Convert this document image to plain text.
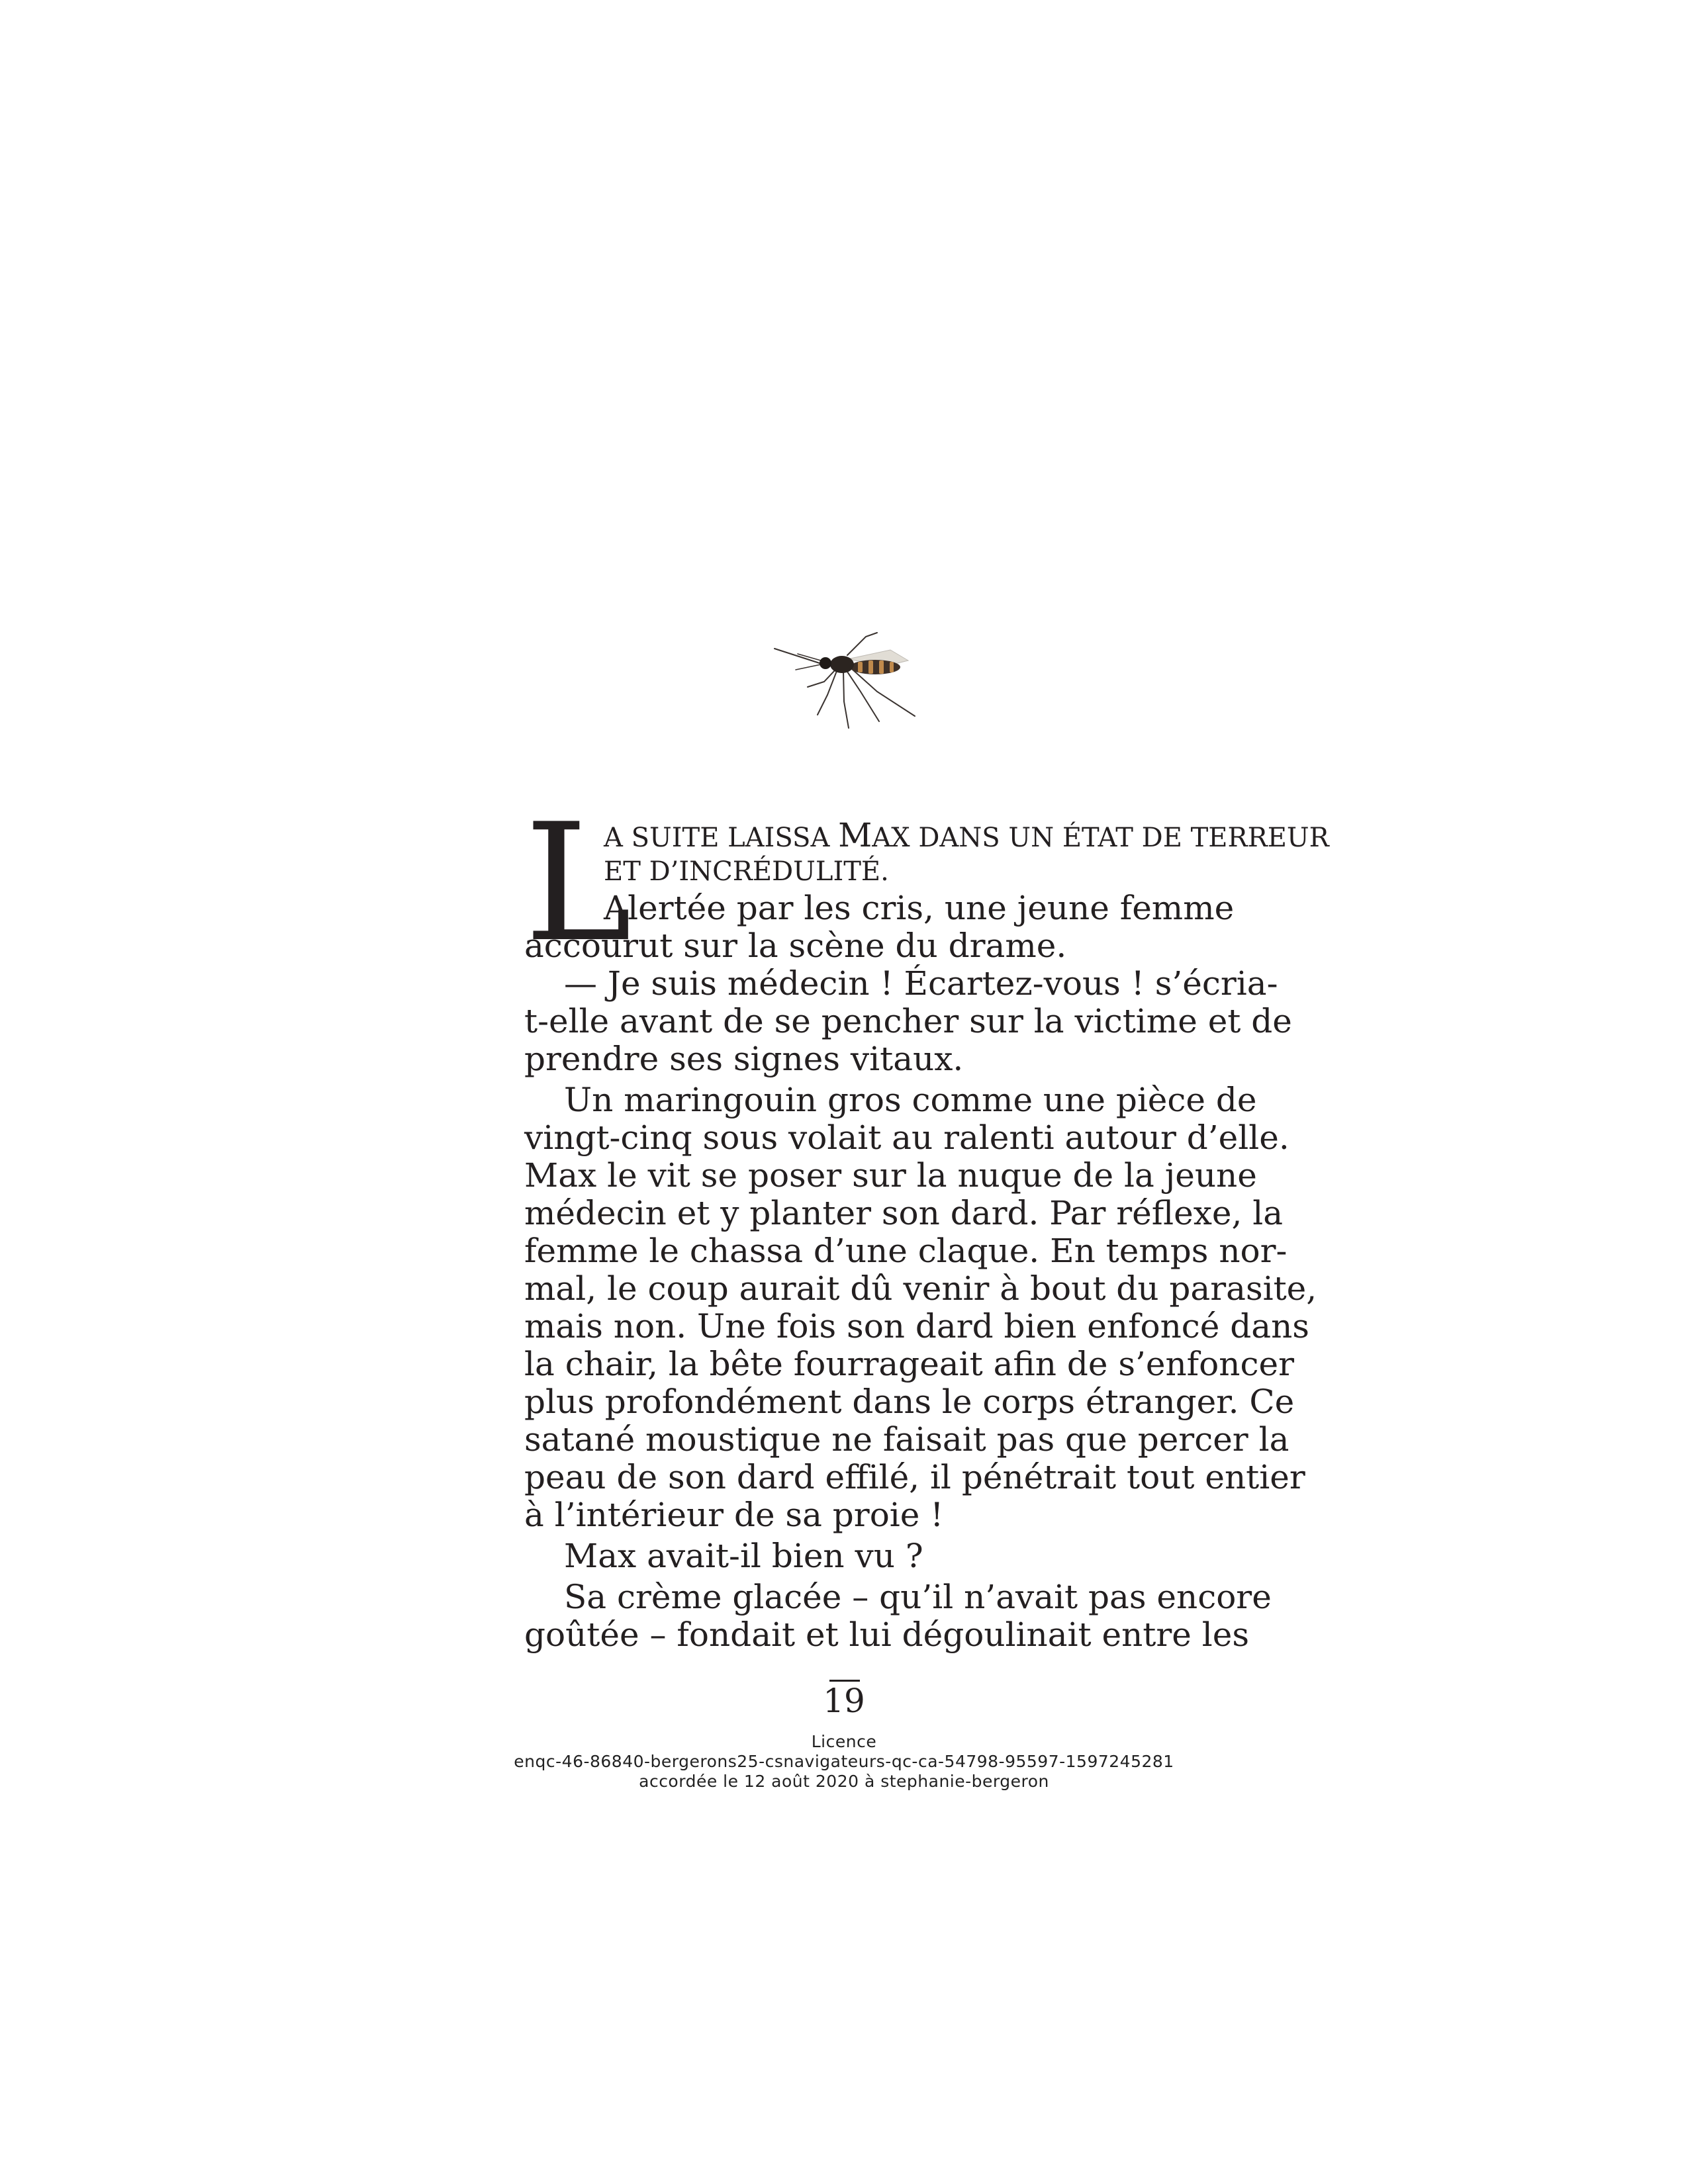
L
A SUITE LAISSA MAX DANS UN ÉTAT DE TERREUR
ET D’INCRÉDULITÉ.
Alertée par les cris, une jeune femme
accourut sur la scène du drame.
— Je suis médecin ! Écartez-vous ! s’écria-
t-elle avant de se pencher sur la victime et de
prendre ses signes vitaux.
Un maringouin gros comme une pièce de
vingt-cinq sous volait au ralenti autour d’elle.
Max le vit se poser sur la nuque de la jeune
médecin et y planter son dard. Par réflexe, la
femme le chassa d’une claque. En temps nor-
mal, le coup aurait dû venir à bout du parasite,
mais non. Une fois son dard bien enfoncé dans
la chair, la bête fourrageait afin de s’enfoncer
plus profondément dans le corps étranger. Ce
satané moustique ne faisait pas que percer la
peau de son dard effilé, il pénétrait tout entier
à l’intérieur de sa proie !
Max avait-il bien vu ?
Sa crème glacée – qu’il n’avait pas encore
goûtée – fondait et lui dégoulinait entre les
19
Licence
enqc-46-86840-bergerons25-csnavigateurs-qc-ca-54798-95597-1597245281
accordée le 12 août 2020 à stephanie-bergeron
